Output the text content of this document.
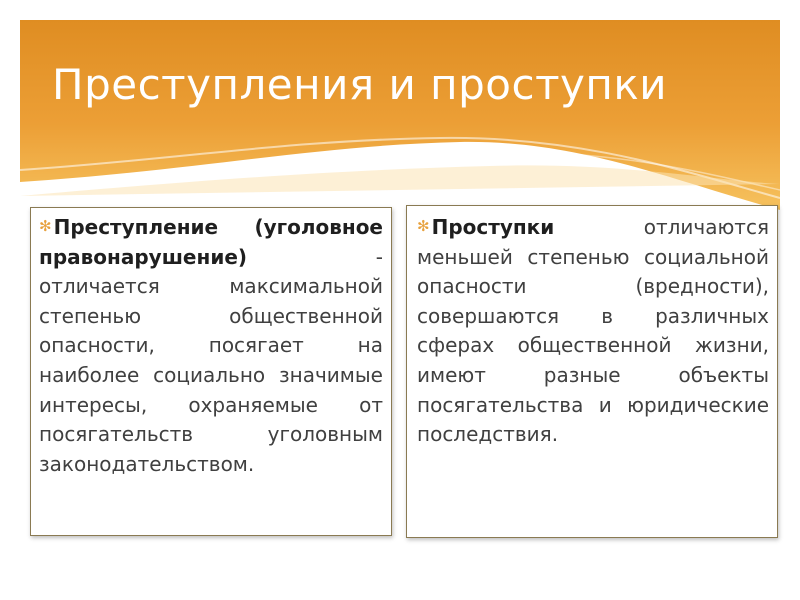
Преступления и проступки

✻ Преступление (уголовное правонарушение) - отличается максимальной степенью общественной опасности, посягает на наиболее социально значимые интересы, охраняемые от посягательств уголовным законодательством.

✻ Проступки отличаются меньшей степенью социальной опасности (вредности), совершаются в различных сферах общественной жизни, имеют разные объекты посягательства и юридические последствия.
